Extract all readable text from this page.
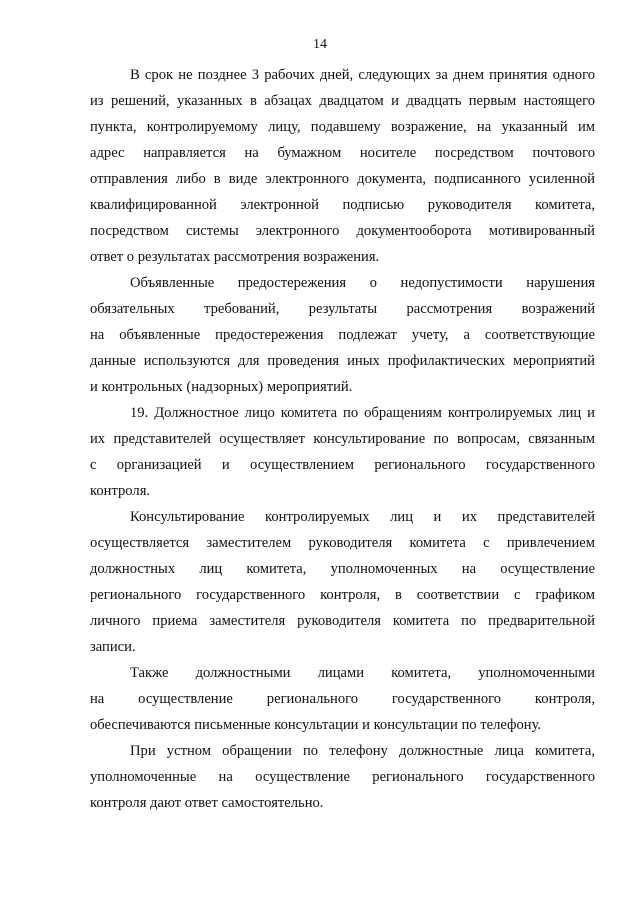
14

В срок не позднее 3 рабочих дней, следующих за днем принятия одного
из решений, указанных в абзацах двадцатом и двадцать первым настоящего
пункта, контролируемому лицу, подавшему возражение, на указанный им
адрес направляется на бумажном носителе посредством почтового
отправления либо в виде электронного документа, подписанного усиленной
квалифицированной электронной подписью руководителя комитета,
посредством системы электронного документооборота мотивированный
ответ о результатах рассмотрения возражения.

Объявленные предостережения о недопустимости нарушения
обязательных требований, результаты рассмотрения возражений
на объявленные предостережения подлежат учету, а соответствующие
данные используются для проведения иных профилактических мероприятий
и контрольных (надзорных) мероприятий.

19. Должностное лицо комитета по обращениям контролируемых лиц и
их представителей осуществляет консультирование по вопросам, связанным
с организацией и осуществлением регионального государственного
контроля.

Консультирование контролируемых лиц и их представителей
осуществляется заместителем руководителя комитета с привлечением
должностных лиц комитета, уполномоченных на осуществление
регионального государственного контроля, в соответствии с графиком
личного приема заместителя руководителя комитета по предварительной
записи.

Также должностными лицами комитета, уполномоченными
на осуществление регионального государственного контроля,
обеспечиваются письменные консультации и консультации по телефону.

При устном обращении по телефону должностные лица комитета,
уполномоченные на осуществление регионального государственного
контроля дают ответ самостоятельно.
